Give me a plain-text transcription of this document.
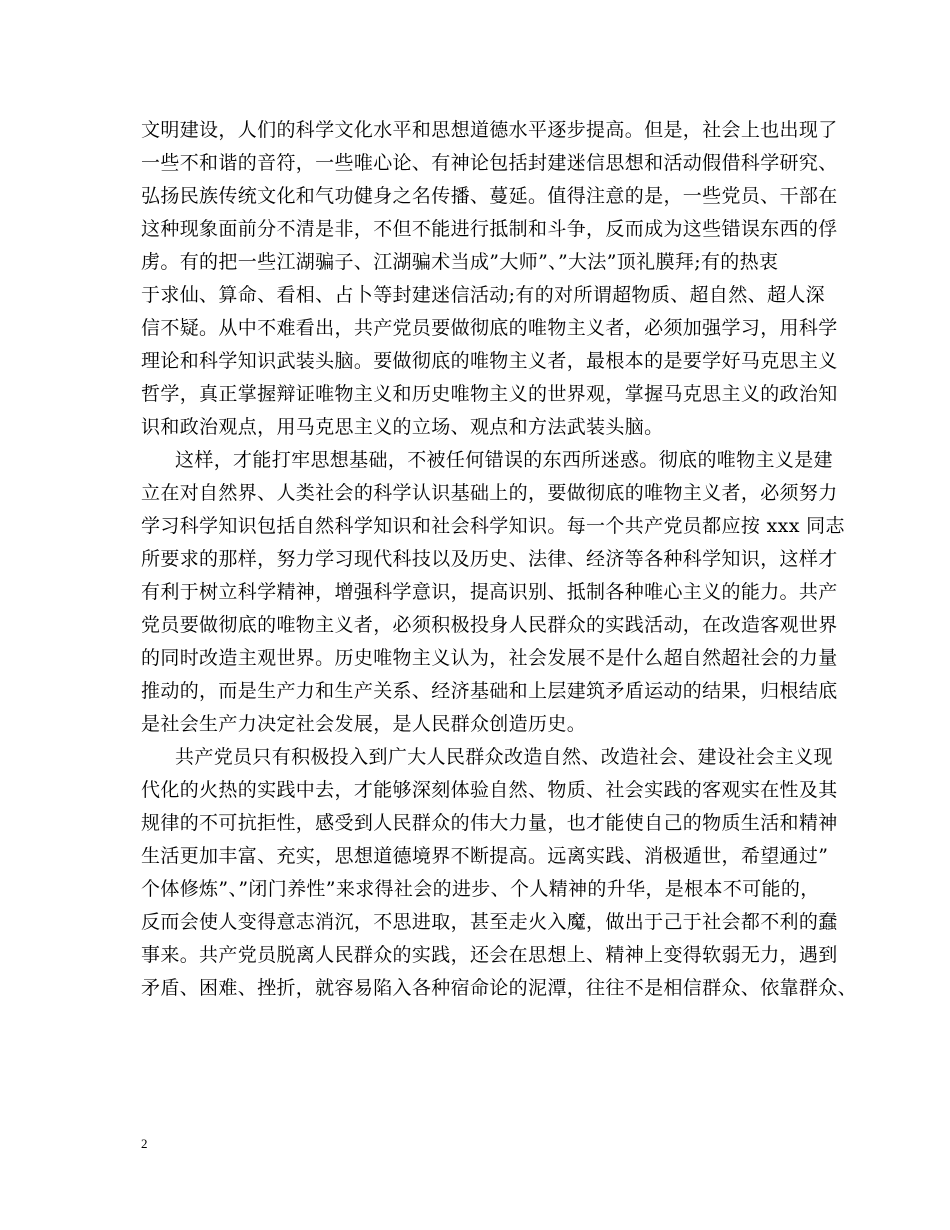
文明建设，人们的科学文化水平和思想道德水平逐步提高。但是，社会上也出现了
一些不和谐的音符，一些唯心论、有神论包括封建迷信思想和活动假借科学研究、
弘扬民族传统文化和气功健身之名传播、蔓延。值得注意的是，一些党员、干部在
这种现象面前分不清是非，不但不能进行抵制和斗争，反而成为这些错误东西的俘
虏。有的把一些江湖骗子、江湖骗术当成”大师”、”大法”顶礼膜拜;有的热衷
于求仙、算命、看相、占卜等封建迷信活动;有的对所谓超物质、超自然、超人深
信不疑。从中不难看出，共产党员要做彻底的唯物主义者，必须加强学习，用科学
理论和科学知识武装头脑。要做彻底的唯物主义者，最根本的是要学好马克思主义
哲学，真正掌握辩证唯物主义和历史唯物主义的世界观，掌握马克思主义的政治知
识和政治观点，用马克思主义的立场、观点和方法武装头脑。
这样，才能打牢思想基础，不被任何错误的东西所迷惑。彻底的唯物主义是建
立在对自然界、人类社会的科学认识基础上的，要做彻底的唯物主义者，必须努力
学习科学知识包括自然科学知识和社会科学知识。每一个共产党员都应按 xxx 同志
所要求的那样，努力学习现代科技以及历史、法律、经济等各种科学知识，这样才
有利于树立科学精神，增强科学意识，提高识别、抵制各种唯心主义的能力。共产
党员要做彻底的唯物主义者，必须积极投身人民群众的实践活动，在改造客观世界
的同时改造主观世界。历史唯物主义认为，社会发展不是什么超自然超社会的力量
推动的，而是生产力和生产关系、经济基础和上层建筑矛盾运动的结果，归根结底
是社会生产力决定社会发展，是人民群众创造历史。
共产党员只有积极投入到广大人民群众改造自然、改造社会、建设社会主义现
代化的火热的实践中去，才能够深刻体验自然、物质、社会实践的客观实在性及其
规律的不可抗拒性，感受到人民群众的伟大力量，也才能使自己的物质生活和精神
生活更加丰富、充实，思想道德境界不断提高。远离实践、消极遁世，希望通过”
个体修炼”、”闭门养性”来求得社会的进步、个人精神的升华，是根本不可能的，
反而会使人变得意志消沉，不思进取，甚至走火入魔，做出于己于社会都不利的蠢
事来。共产党员脱离人民群众的实践，还会在思想上、精神上变得软弱无力，遇到
矛盾、困难、挫折，就容易陷入各种宿命论的泥潭，往往不是相信群众、依靠群众、
2
